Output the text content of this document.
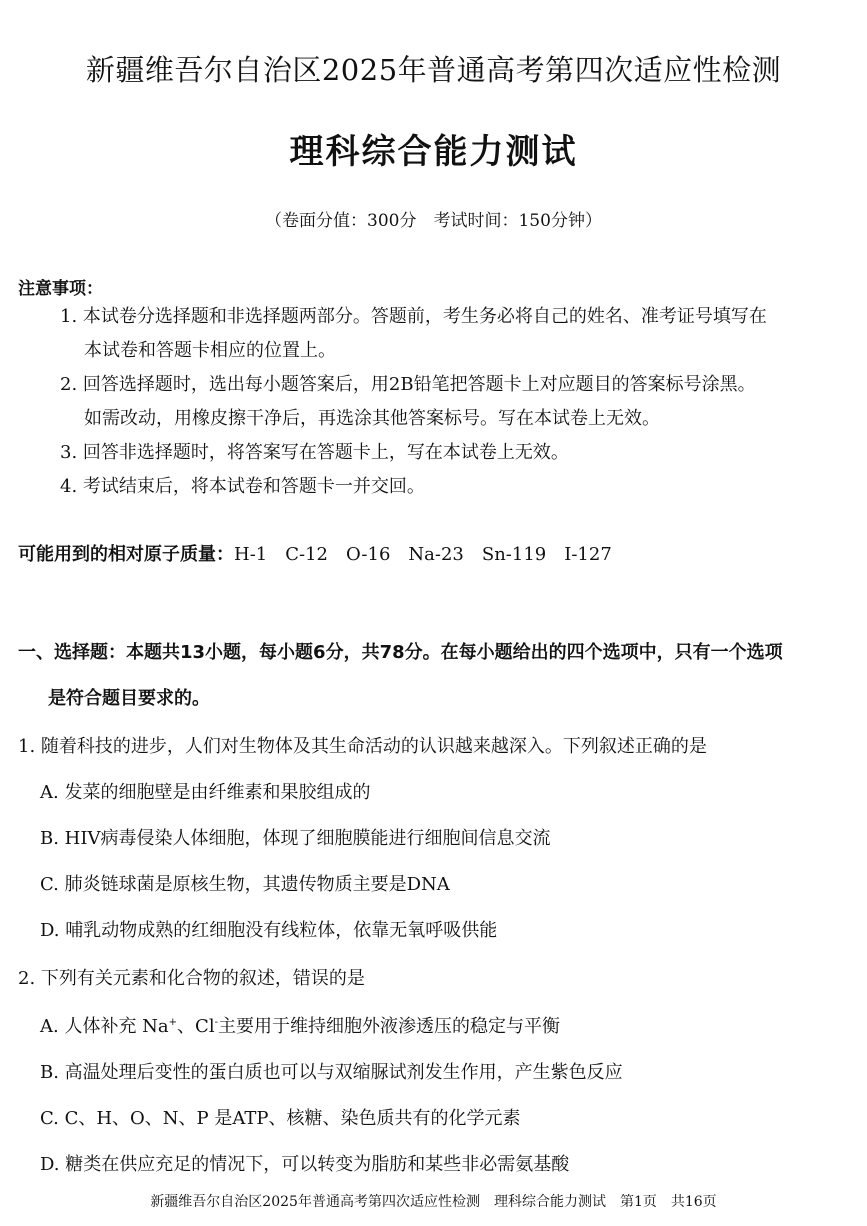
新疆维吾尔自治区2025年普通高考第四次适应性检测
理科综合能力测试
（卷面分值：300分　考试时间：150分钟）
注意事项：
1. 本试卷分选择题和非选择题两部分。答题前，考生务必将自己的姓名、准考证号填写在
本试卷和答题卡相应的位置上。
2. 回答选择题时，选出每小题答案后，用2B铅笔把答题卡上对应题目的答案标号涂黑。
如需改动，用橡皮擦干净后，再选涂其他答案标号。写在本试卷上无效。
3. 回答非选择题时，将答案写在答题卡上，写在本试卷上无效。
4. 考试结束后，将本试卷和答题卡一并交回。
可能用到的相对原子质量：H-1　C-12　O-16　Na-23　Sn-119　I-127
一、选择题：本题共13小题，每小题6分，共78分。在每小题给出的四个选项中，只有一个选项
是符合题目要求的。
1. 随着科技的进步，人们对生物体及其生命活动的认识越来越深入。下列叙述正确的是
A. 发菜的细胞壁是由纤维素和果胶组成的
B. HIV病毒侵染人体细胞，体现了细胞膜能进行细胞间信息交流
C. 肺炎链球菌是原核生物，其遗传物质主要是DNA
D. 哺乳动物成熟的红细胞没有线粒体，依靠无氧呼吸供能
2. 下列有关元素和化合物的叙述，错误的是
A. 人体补充 Na+、Cl-主要用于维持细胞外液渗透压的稳定与平衡
B. 高温处理后变性的蛋白质也可以与双缩脲试剂发生作用，产生紫色反应
C. C、H、O、N、P 是ATP、核糖、染色质共有的化学元素
D. 糖类在供应充足的情况下，可以转变为脂肪和某些非必需氨基酸
新疆维吾尔自治区2025年普通高考第四次适应性检测　理科综合能力测试　第1页　共16页
